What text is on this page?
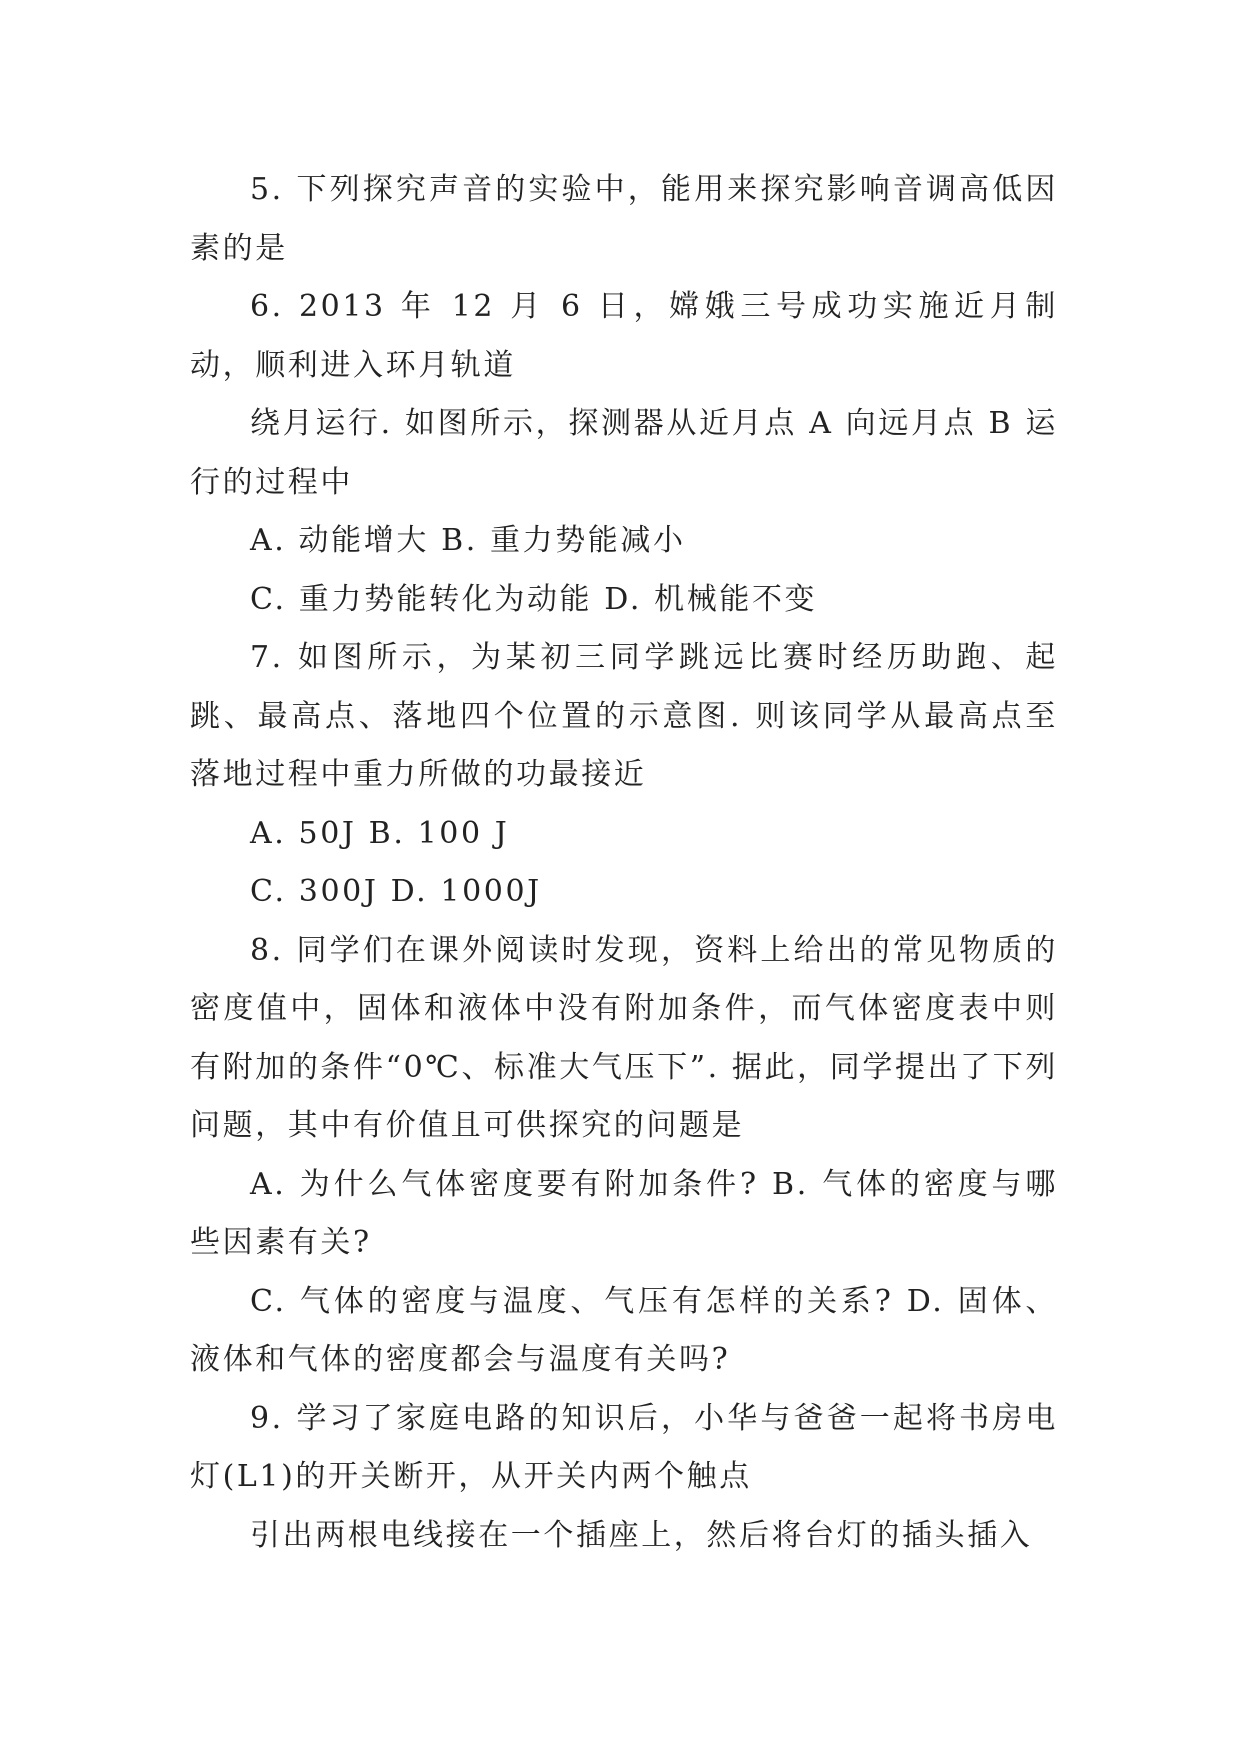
5. 下列探究声音的实验中，能用来探究影响音调高低因素的是

6. 2013 年 12 月 6 日，嫦娥三号成功实施近月制动，顺利进入环月轨道

绕月运行. 如图所示，探测器从近月点 A 向远月点 B 运行的过程中

A. 动能增大 B. 重力势能减小

C. 重力势能转化为动能 D. 机械能不变

7. 如图所示，为某初三同学跳远比赛时经历助跑、起跳、最高点、落地四个位置的示意图. 则该同学从最高点至落地过程中重力所做的功最接近

A. 50J B. 100 J

C. 300J D. 1000J

8. 同学们在课外阅读时发现，资料上给出的常见物质的密度值中，固体和液体中没有附加条件，而气体密度表中则有附加的条件“0℃、标准大气压下”. 据此，同学提出了下列问题，其中有价值且可供探究的问题是

A. 为什么气体密度要有附加条件? B. 气体的密度与哪些因素有关?

C. 气体的密度与温度、气压有怎样的关系? D. 固体、液体和气体的密度都会与温度有关吗?

9. 学习了家庭电路的知识后，小华与爸爸一起将书房电灯(L1)的开关断开，从开关内两个触点

引出两根电线接在一个插座上，然后将台灯的插头插入
